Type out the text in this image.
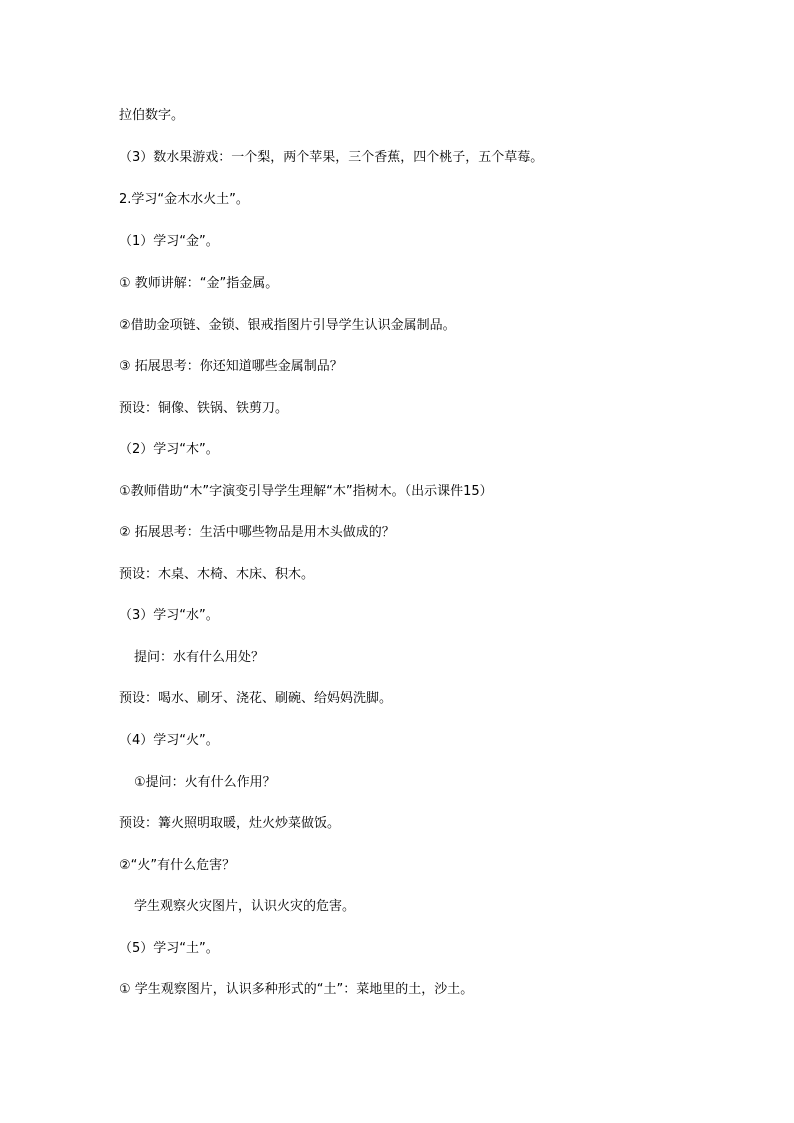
拉伯数字。
（3）数水果游戏：一个梨，两个苹果，三个香蕉，四个桃子，五个草莓。
2.学习“金木水火土”。
（1）学习“金”。
① 教师讲解：“金”指金属。
②借助金项链、金锁、银戒指图片引导学生认识金属制品。
③ 拓展思考：你还知道哪些金属制品？
预设：铜像、铁锅、铁剪刀。
（2）学习“木”。
①教师借助“木”字演变引导学生理解“木”指树木。（出示课件15）
② 拓展思考：生活中哪些物品是用木头做成的？
预设：木桌、木椅、木床、积木。
（3）学习“水”。
提问：水有什么用处？
预设：喝水、刷牙、浇花、刷碗、给妈妈洗脚。
（4）学习“火”。
①提问：火有什么作用？
预设：篝火照明取暖，灶火炒菜做饭。
②“火”有什么危害？
学生观察火灾图片，认识火灾的危害。
（5）学习“土”。
① 学生观察图片，认识多种形式的“土”：菜地里的土，沙土。
